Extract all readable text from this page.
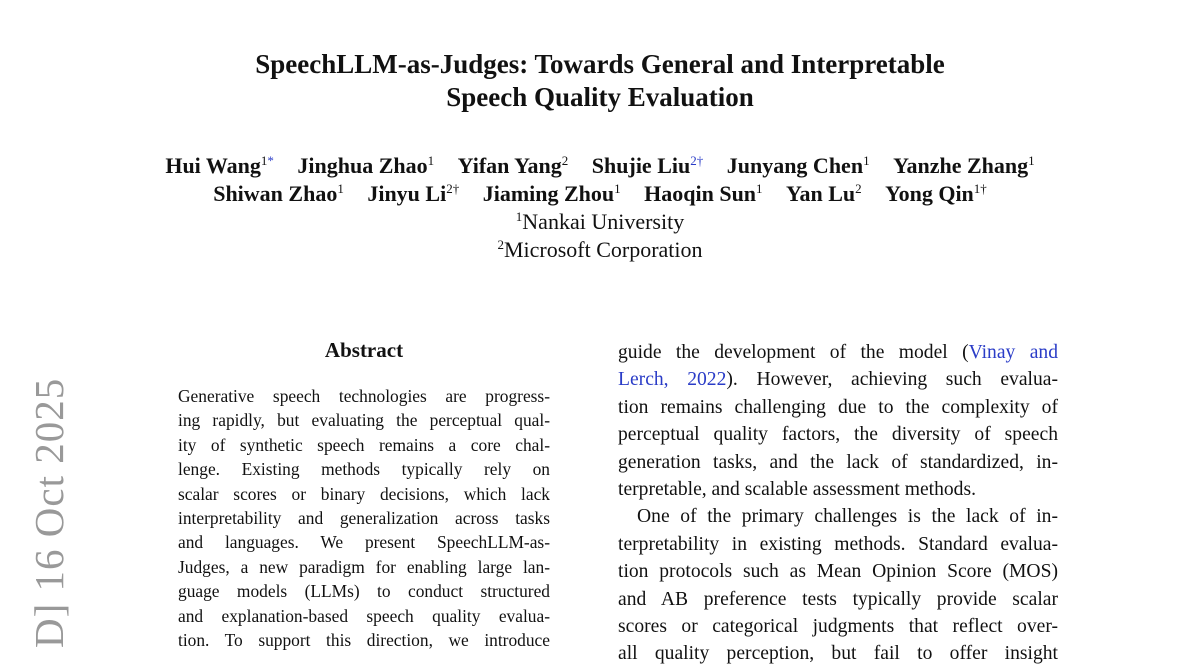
SpeechLLM-as-Judges: Towards General and Interpretable
Speech Quality Evaluation
Hui Wang$^{1*}$ Jinghua Zhao$^1$ Yifan Yang$^2$ Shujie Liu$^{2\dagger}$ Junyang Chen$^1$ Yanzhe Zhang$^1$
Shiwan Zhao$^1$ Jinyu $Li^{2\dagger}$ Jiaming Zhou$^1$ Haoqin Sun$^1$ Yan Lu$^2$ Yong Qin$^{1\dagger}$
$^1$Nankai University
$^2$Microsoft Corporation
D] 16 Oct 2025
Abstract
Generative speech technologies are progress-
ing rapidly, but evaluating the perceptual qual-
ity of synthetic speech remains a core chal-
lenge. Existing methods typically rely on
scalar scores or binary decisions, which lack
interpretability and generalization across tasks
and languages. We present SpeechLLM-as-
Judges, a new paradigm for enabling large lan-
guage models (LLMs) to conduct structured
and explanation-based speech quality evalua-
tion. To support this direction, we introduce
guide the development of the model (Vinay and
Lerch, 2022). However, achieving such evalua-
tion remains challenging due to the complexity of
perceptual quality factors, the diversity of speech
generation tasks, and the lack of standardized, in-
terpretable, and scalable assessment methods.
One of the primary challenges is the lack of in-
terpretability in existing methods. Standard evalua-
tion protocols such as Mean Opinion Score (MOS)
and AB preference tests typically provide scalar
scores or categorical judgments that reflect over-
all quality perception, but fail to offer insight
